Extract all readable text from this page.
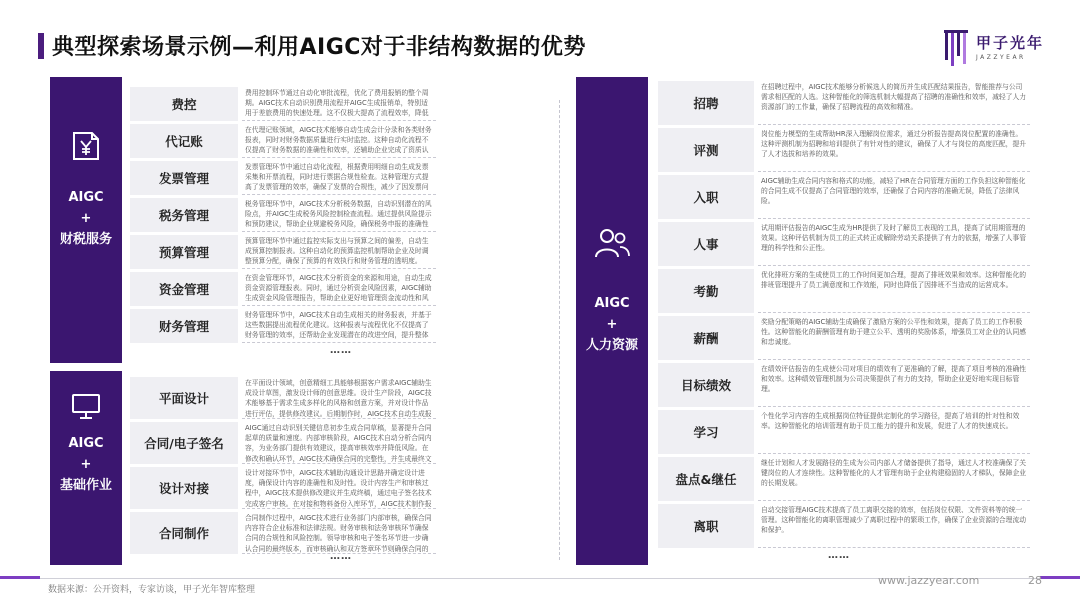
典型探索场景示例—利用AIGC对于非结构数据的优势	甲子光年
JAZZYEAR
AIGC
+
财税服务
费控
费用控制环节通过自动化审批流程，优化了费用报销的整个周期。AIGC技术自动识别费用流程并AIGC生成报销单，特别适用于差旅费用的快速处理。这不仅极大提高了流程效率，降低
代记账
在代理记账领域，AIGC技术能够自动生成会计分录和各类财务报表，同时对财务数据质量进行实时监控。这种自动化流程不仅提高了财务数据的准确性和效率，还辅助企业完成了资质认
发票管理
发票管理环节中通过自动化流程，根据费用明细自动生成发票采集和开票流程，同时进行票据合规性检查。这种管理方式提高了发票管理的效率，确保了发票的合规性，减少了因发票问
税务管理
税务管理环节中，AIGC技术分析税务数据，自动识别潜在的风险点，并AIGC生成税务风险控制检查流程。通过提供风险提示和预防建议，帮助企业规避税务风险，确保税务申报的准确性
预算管理
预算管理环节中通过监控实际支出与预算之间的偏差，自动生成预算控制报表。这种自动化的预算监控机制帮助企业及时调整预算分配，确保了预算的有效执行和财务管理的透明度。
资金管理
在资金管理环节，AIGC技术分析资金的来源和用途，自动生成资金资源管理报表。同时，通过分析资金风险因素，AIGC辅助生成资金风险管理报告，帮助企业更好地管理资金流动性和风
财务管理
财务管理环节中，AIGC技术自动生成相关的财务报表，并基于这些数据提出流程优化建议。这种报表与流程优化不仅提高了财务管理的效率，还帮助企业发现潜在的改进空间，提升整体
……
AIGC
+
基础作业
平面设计
在平面设计领域，创意精细工具能够根据客户需求AIGC辅助生成设计草图，激发设计师的创意思维。设计生产阶段，AIGC技术能够基于需求生成多样化的风格和创意方案，并对设计作品进行评估，提供修改建议。后期制作时，AIGC技术自动生成报
合同/电子签名
AIGC通过自动识别关键信息初步生成合同草稿，显著提升合同起草的质量和速度。内部审核阶段，AIGC技术自动分析合同内容，为业务部门提供有效建议，提高审核效率并降低风险。在修改和确认环节，AIGC技术确保合同的完整性，并生成最终文
设计对接
设计对接环节中，AIGC技术辅助沟通设计思路并确定设计进度，确保设计内容的准确性和及时性。设计内容生产和审核过程中，AIGC技术提供修改建议并生成终稿，通过电子签名技术完成客户审核。在对接和物料备份入库环节，AIGC技术制作报
合同制作
合同制作过程中，AIGC技术进行业务部门内部审核，确保合同内容符合企业标准和法律法规。财务审核和法务审核环节确保合同的合规性和风险控制。领导审核和电子签名环节进一步确认合同的最终版本，而审核确认和双方签章环节则确保合同的
……
AIGC
+
人力资源
招聘
在招聘过程中，AIGC技术能够分析候选人的简历并生成匹配结果报告，智能推荐与公司需求相匹配的人选。这种智能化的筛选机制大幅提高了招聘的准确性和效率，减轻了人力资源部门的工作量，确保了招聘流程的高效和精准。
评测
岗位能力模型的生成帮助HR深入理解岗位需求，通过分析报告提高岗位配置的准确性。这种评测机制为招聘和培训提供了有针对性的建议，确保了人才与岗位的高度匹配，提升了人才选拔和培养的效果。
入职
AIGC辅助生成合同内容和格式的功能，减轻了HR在合同管理方面的工作负担这种智能化的合同生成不仅提高了合同管理的效率，还确保了合同内容的准确无误，降低了法律风险。
人事
试用期评估报告的AIGC生成为HR提供了及时了解员工表现的工具，提高了试用期管理的效果。这种评估机制为员工的正式转正或解除劳动关系提供了有力的依据，增强了人事管理的科学性和公正性。
考勤
优化排班方案的生成使员工的工作时间更加合理，提高了排班效果和效率。这种智能化的排班管理提升了员工满意度和工作效能，同时也降低了因排班不当造成的运营成本。
薪酬
奖励分配策略的AIGC辅助生成确保了激励方案的公平性和效果，提高了员工的工作积极性。这种智能化的薪酬管理有助于建立公平、透明的奖励体系，增强员工对企业的认同感和忠诚度。
目标绩效
在绩效评估报告的生成使公司对项目的绩效有了更准确的了解，提高了项目考核的准确性和效率。这种绩效管理机制为公司决策提供了有力的支持，帮助企业更好地实现目标管理。
学习
个性化学习内容的生成根据岗位特征提供定制化的学习路径，提高了培训的针对性和效率。这种智能化的培训管理有助于员工能力的提升和发展，促进了人才的快速成长。
盘点&继任
继任计划和人才发展路径的生成为公司内部人才储备提供了指导，通过人才校准确保了关键岗位的人才连续性。这种智能化的人才管理有助于企业构建稳固的人才梯队，保障企业的长期发展。
离职
自动交接管理AIGC技术提高了员工离职交接的效率，包括岗位权限、文件资料等的统一管理。这种智能化的离职管理减少了离职过程中的繁琐工作，确保了企业资源的合理流动和保护。
……
数据来源：公开资料，专家访谈，甲子光年智库整理
www.jazzyear.com	28
